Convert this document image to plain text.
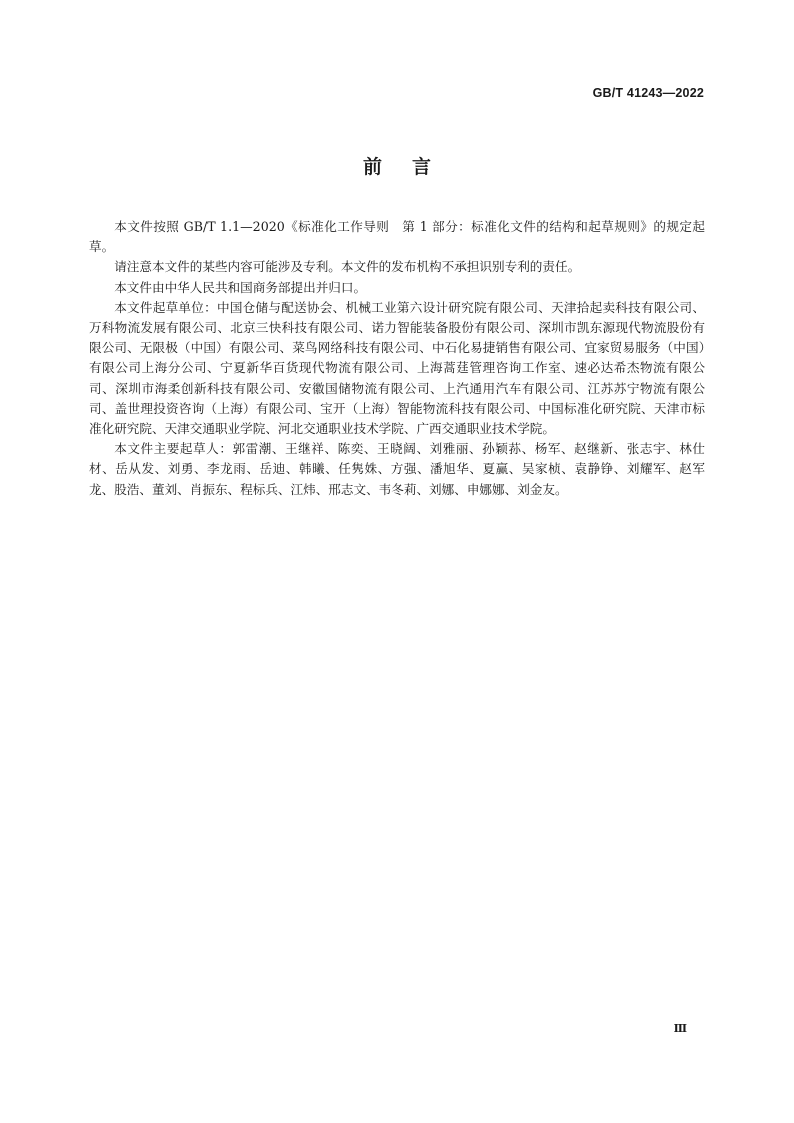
GB/T 41243—2022
前言

本文件按照 GB/T 1.1—2020《标准化工作导则　第 1 部分：标准化文件的结构和起草规则》的规定起草。

请注意本文件的某些内容可能涉及专利。本文件的发布机构不承担识别专利的责任。

本文件由中华人民共和国商务部提出并归口。

本文件起草单位：中国仓储与配送协会、机械工业第六设计研究院有限公司、天津拾起卖科技有限公司、万科物流发展有限公司、北京三快科技有限公司、诺力智能装备股份有限公司、深圳市凯东源现代物流股份有限公司、无限极（中国）有限公司、菜鸟网络科技有限公司、中石化易捷销售有限公司、宜家贸易服务（中国）有限公司上海分公司、宁夏新华百货现代物流有限公司、上海蒿莛管理咨询工作室、速必达希杰物流有限公司、深圳市海柔创新科技有限公司、安徽国储物流有限公司、上汽通用汽车有限公司、江苏苏宁物流有限公司、盖世理投资咨询（上海）有限公司、宝开（上海）智能物流科技有限公司、中国标准化研究院、天津市标准化研究院、天津交通职业学院、河北交通职业技术学院、广西交通职业技术学院。

本文件主要起草人：郭雷潮、王继祥、陈奕、王晓阔、刘雅丽、孙颖荪、杨军、赵继新、张志宇、林仕材、岳从发、刘勇、李龙雨、岳迪、韩曦、任隽姝、方强、潘旭华、夏赢、吴家桢、袁静铮、刘耀军、赵军龙、股浩、董刘、肖振东、程标兵、江炜、邢志文、韦冬莉、刘娜、申娜娜、刘金友。

Ⅲ
